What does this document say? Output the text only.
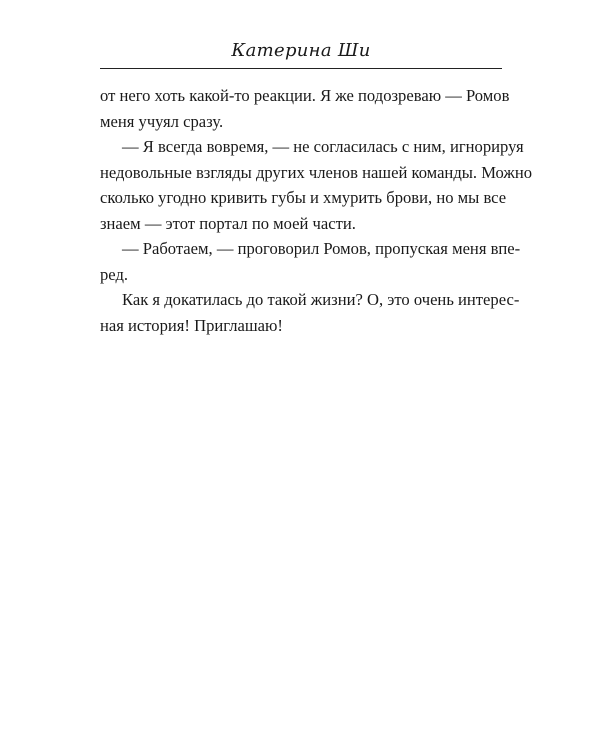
Катерина Ши
от него хоть какой-то реакции. Я же подозреваю — Ромов
меня учуял сразу.
— Я всегда вовремя, — не согласилась с ним, игнорируя
недовольные взгляды других членов нашей команды. Можно
сколько угодно кривить губы и хмурить брови, но мы все
знаем — этот портал по моей части.
— Работаем, — проговорил Ромов, пропуская меня впе-
ред.
Как я докатилась до такой жизни? О, это очень интерес-
ная история! Приглашаю!
